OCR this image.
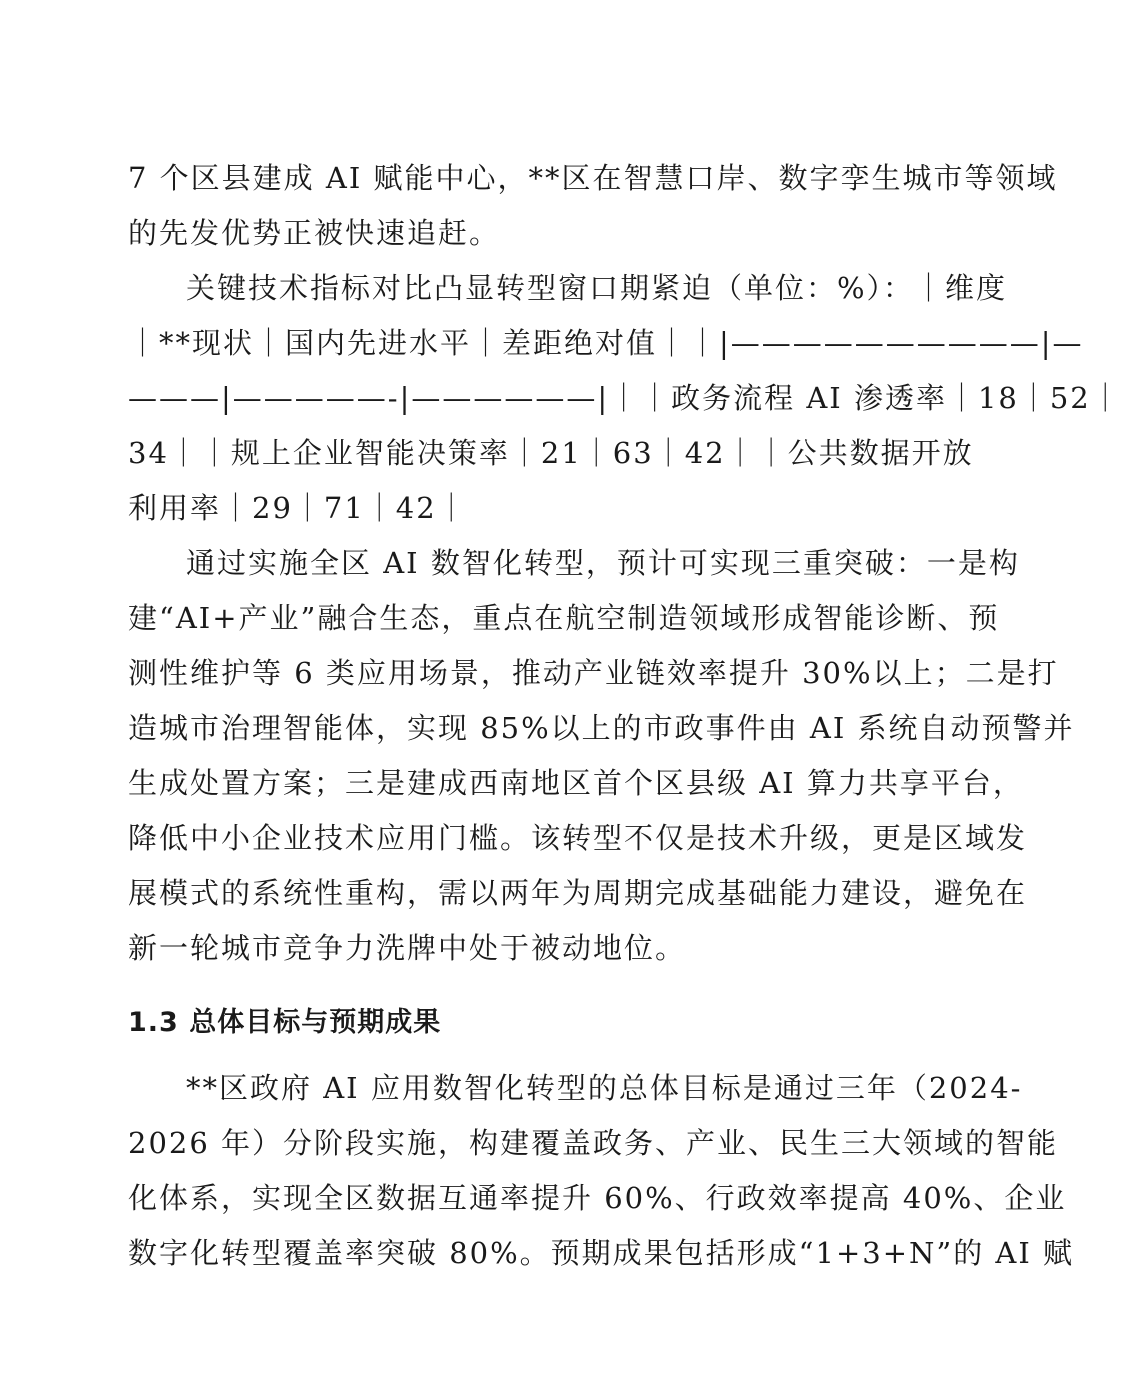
7 个区县建成 AI 赋能中心，**区在智慧口岸、数字孪生城市等领域
的先发优势正被快速追赶。
关键技术指标对比凸显转型窗口期紧迫（单位：%）：｜维度
｜**现状｜国内先进水平｜差距绝对值｜｜|——————————|—
———|—————-|——————|｜｜政务流程 AI 渗透率｜18｜52｜
34｜｜规上企业智能决策率｜21｜63｜42｜｜公共数据开放
利用率｜29｜71｜42｜
通过实施全区 AI 数智化转型，预计可实现三重突破：一是构
建“AI+产业”融合生态，重点在航空制造领域形成智能诊断、预
测性维护等 6 类应用场景，推动产业链效率提升 30%以上；二是打
造城市治理智能体，实现 85%以上的市政事件由 AI 系统自动预警并
生成处置方案；三是建成西南地区首个区县级 AI 算力共享平台，
降低中小企业技术应用门槛。该转型不仅是技术升级，更是区域发
展模式的系统性重构，需以两年为周期完成基础能力建设，避免在
新一轮城市竞争力洗牌中处于被动地位。
1.3 总体目标与预期成果
**区政府 AI 应用数智化转型的总体目标是通过三年（2024-
2026 年）分阶段实施，构建覆盖政务、产业、民生三大领域的智能
化体系，实现全区数据互通率提升 60%、行政效率提高 40%、企业
数字化转型覆盖率突破 80%。预期成果包括形成“1+3+N”的 AI 赋
